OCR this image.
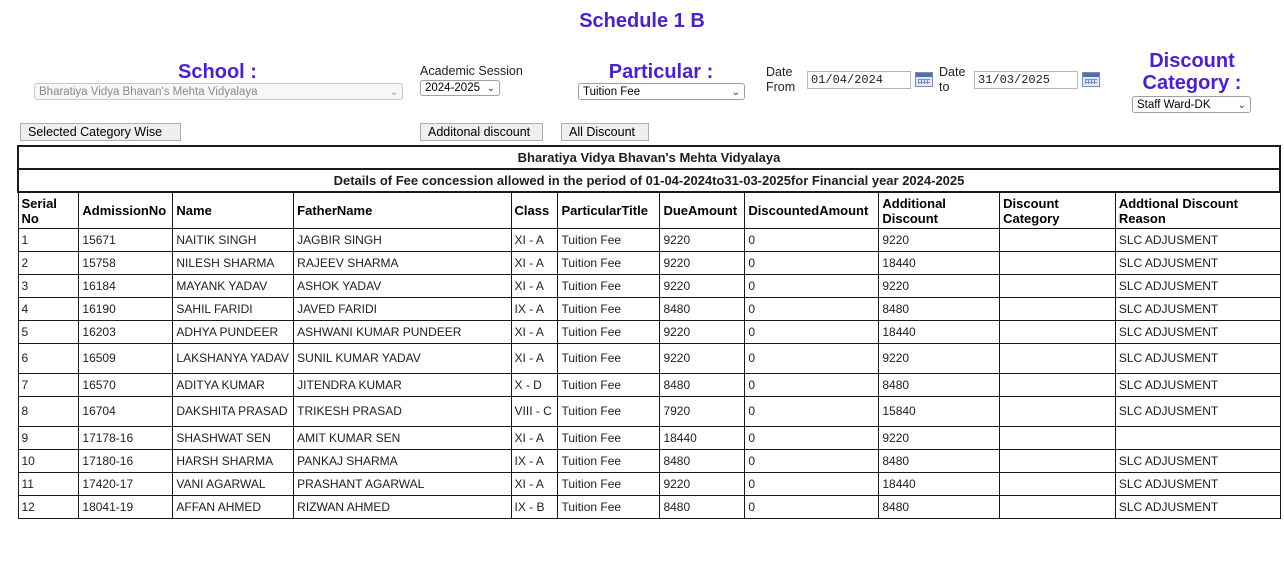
Schedule 1 B
School :
Bharatiya Vidya Bhavan's Mehta Vidyalaya	⌄
Academic Session
2024-2025 ⌄
Particular :
Tuition Fee	⌄
Date
From	01/04/2024
Date
to	31/03/2025
Discount
Category :
Staff Ward-DK	⌄
Selected Category Wise	Additonal discount	All Discount
Bharatiya Vidya Bhavan's Mehta Vidyalaya										
Details of Fee concession allowed in the period of 01-04-2024to31-03-2025for Financial year 2024-2025										
Serial No	AdmissionNo	Name	FatherName	Class	ParticularTitle	DueAmount	DiscountedAmount	Additional Discount	Discount Category	Addtional Discount Reason
1	15671	NAITIK SINGH	JAGBIR SINGH	XI - A	Tuition Fee	9220	0	9220		SLC ADJUSMENT
2	15758	NILESH SHARMA	RAJEEV SHARMA	XI - A	Tuition Fee	9220	0	18440		SLC ADJUSMENT
3	16184	MAYANK YADAV	ASHOK YADAV	XI - A	Tuition Fee	9220	0	9220		SLC ADJUSMENT
4	16190	SAHIL FARIDI	JAVED FARIDI	IX - A	Tuition Fee	8480	0	8480		SLC ADJUSMENT
5	16203	ADHYA PUNDEER	ASHWANI KUMAR PUNDEER	XI - A	Tuition Fee	9220	0	18440		SLC ADJUSMENT
6	16509	LAKSHANYA YADAV	SUNIL KUMAR YADAV	XI - A	Tuition Fee	9220	0	9220		SLC ADJUSMENT
7	16570	ADITYA KUMAR	JITENDRA KUMAR	X - D	Tuition Fee	8480	0	8480		SLC ADJUSMENT
8	16704	DAKSHITA PRASAD	TRIKESH PRASAD	VIII - C	Tuition Fee	7920	0	15840		SLC ADJUSMENT
9	17178-16	SHASHWAT SEN	AMIT KUMAR SEN	XI - A	Tuition Fee	18440	0	9220		
10	17180-16	HARSH SHARMA	PANKAJ SHARMA	IX - A	Tuition Fee	8480	0	8480		SLC ADJUSMENT
11	17420-17	VANI AGARWAL	PRASHANT AGARWAL	XI - A	Tuition Fee	9220	0	18440		SLC ADJUSMENT
12	18041-19	AFFAN AHMED	RIZWAN AHMED	IX - B	Tuition Fee	8480	0	8480		SLC ADJUSMENT
